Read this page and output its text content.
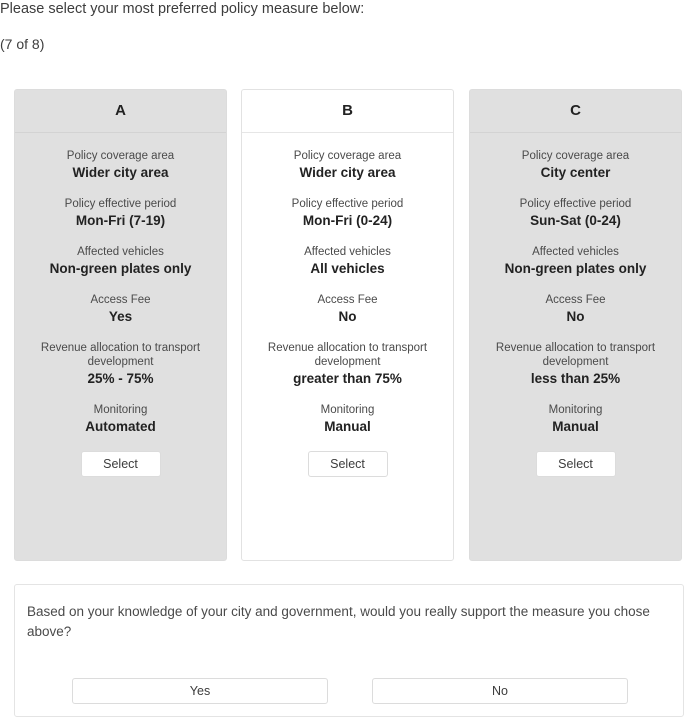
Please select your most preferred policy measure below:
(7 of 8)
A
Policy coverage area
Wider city area
Policy effective period
Mon-Fri (7-19)
Affected vehicles
Non-green plates only
Access Fee
Yes
Revenue allocation to transport development
25% - 75%
Monitoring
Automated
Select
B
Policy coverage area
Wider city area
Policy effective period
Mon-Fri (0-24)
Affected vehicles
All vehicles
Access Fee
No
Revenue allocation to transport development
greater than 75%
Monitoring
Manual
Select
C
Policy coverage area
City center
Policy effective period
Sun-Sat (0-24)
Affected vehicles
Non-green plates only
Access Fee
No
Revenue allocation to transport development
less than 25%
Monitoring
Manual
Select
Based on your knowledge of your city and government, would you really support the measure you chose above?
Yes	No
